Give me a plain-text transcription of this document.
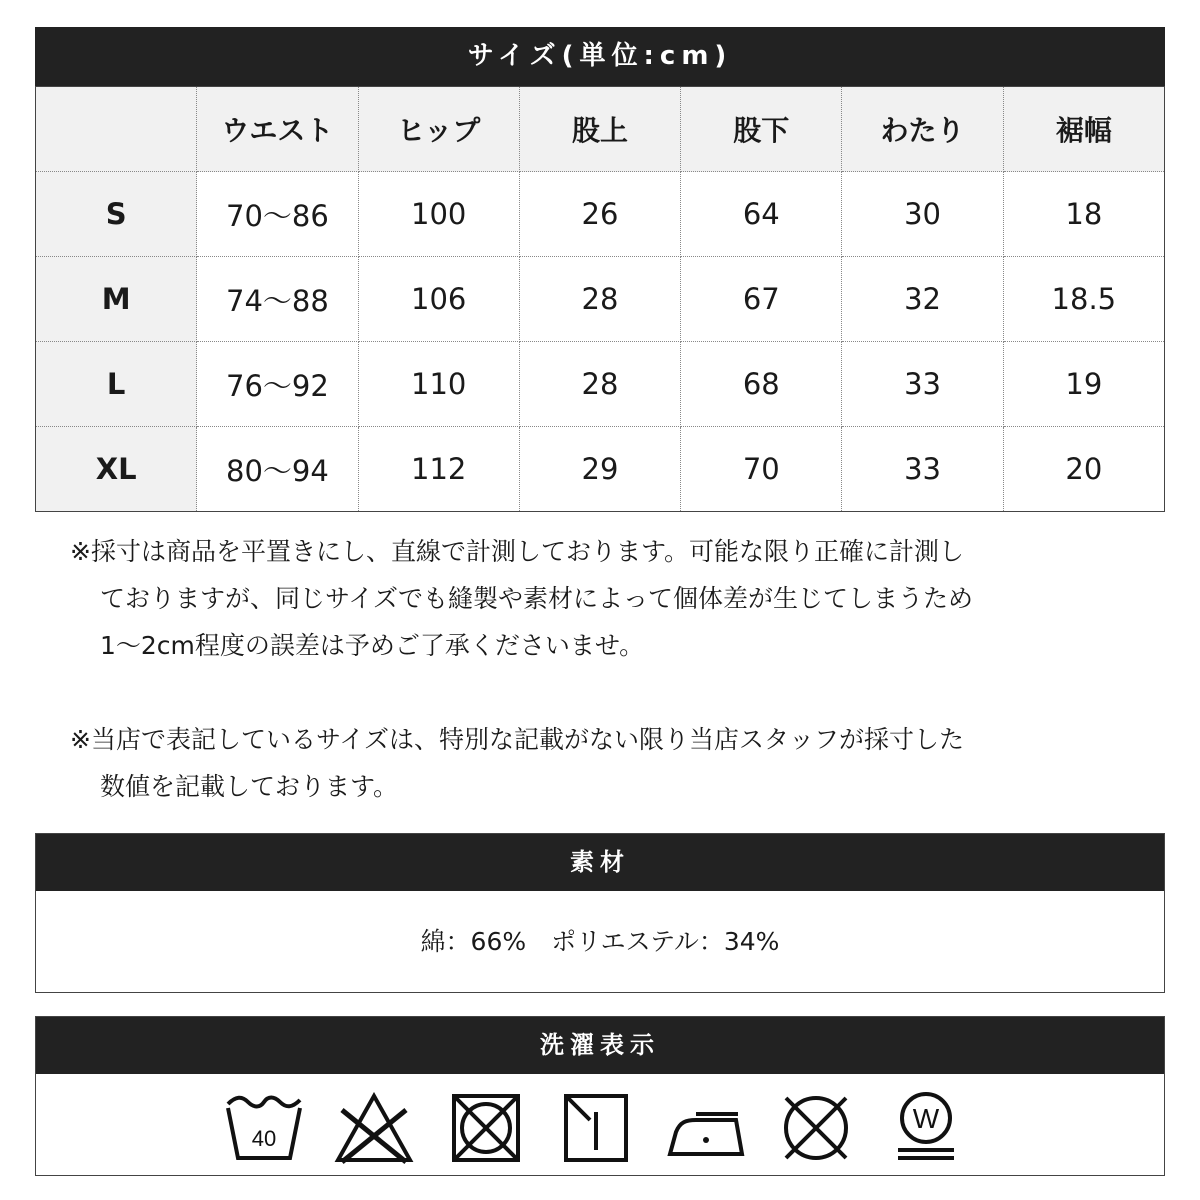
サイズ(単位:cm)
	ウエスト	ヒップ	股上	股下	わたり	裾幅
S	70～86	100	26	64	30	18
M	74～88	106	28	67	32	18.5
L	76～92	110	28	68	33	19
XL	80～94	112	29	70	33	20

※採寸は商品を平置きにし、直線で計測しております。可能な限り正確に計測し
ておりますが、同じサイズでも縫製や素材によって個体差が生じてしまうため
1～2cm程度の誤差は予めご了承くださいませ。

※当店で表記しているサイズは、特別な記載がない限り当店スタッフが採寸した
数値を記載しております。

素材
綿：66%　ポリエステル：34%
洗濯表示
40
W
